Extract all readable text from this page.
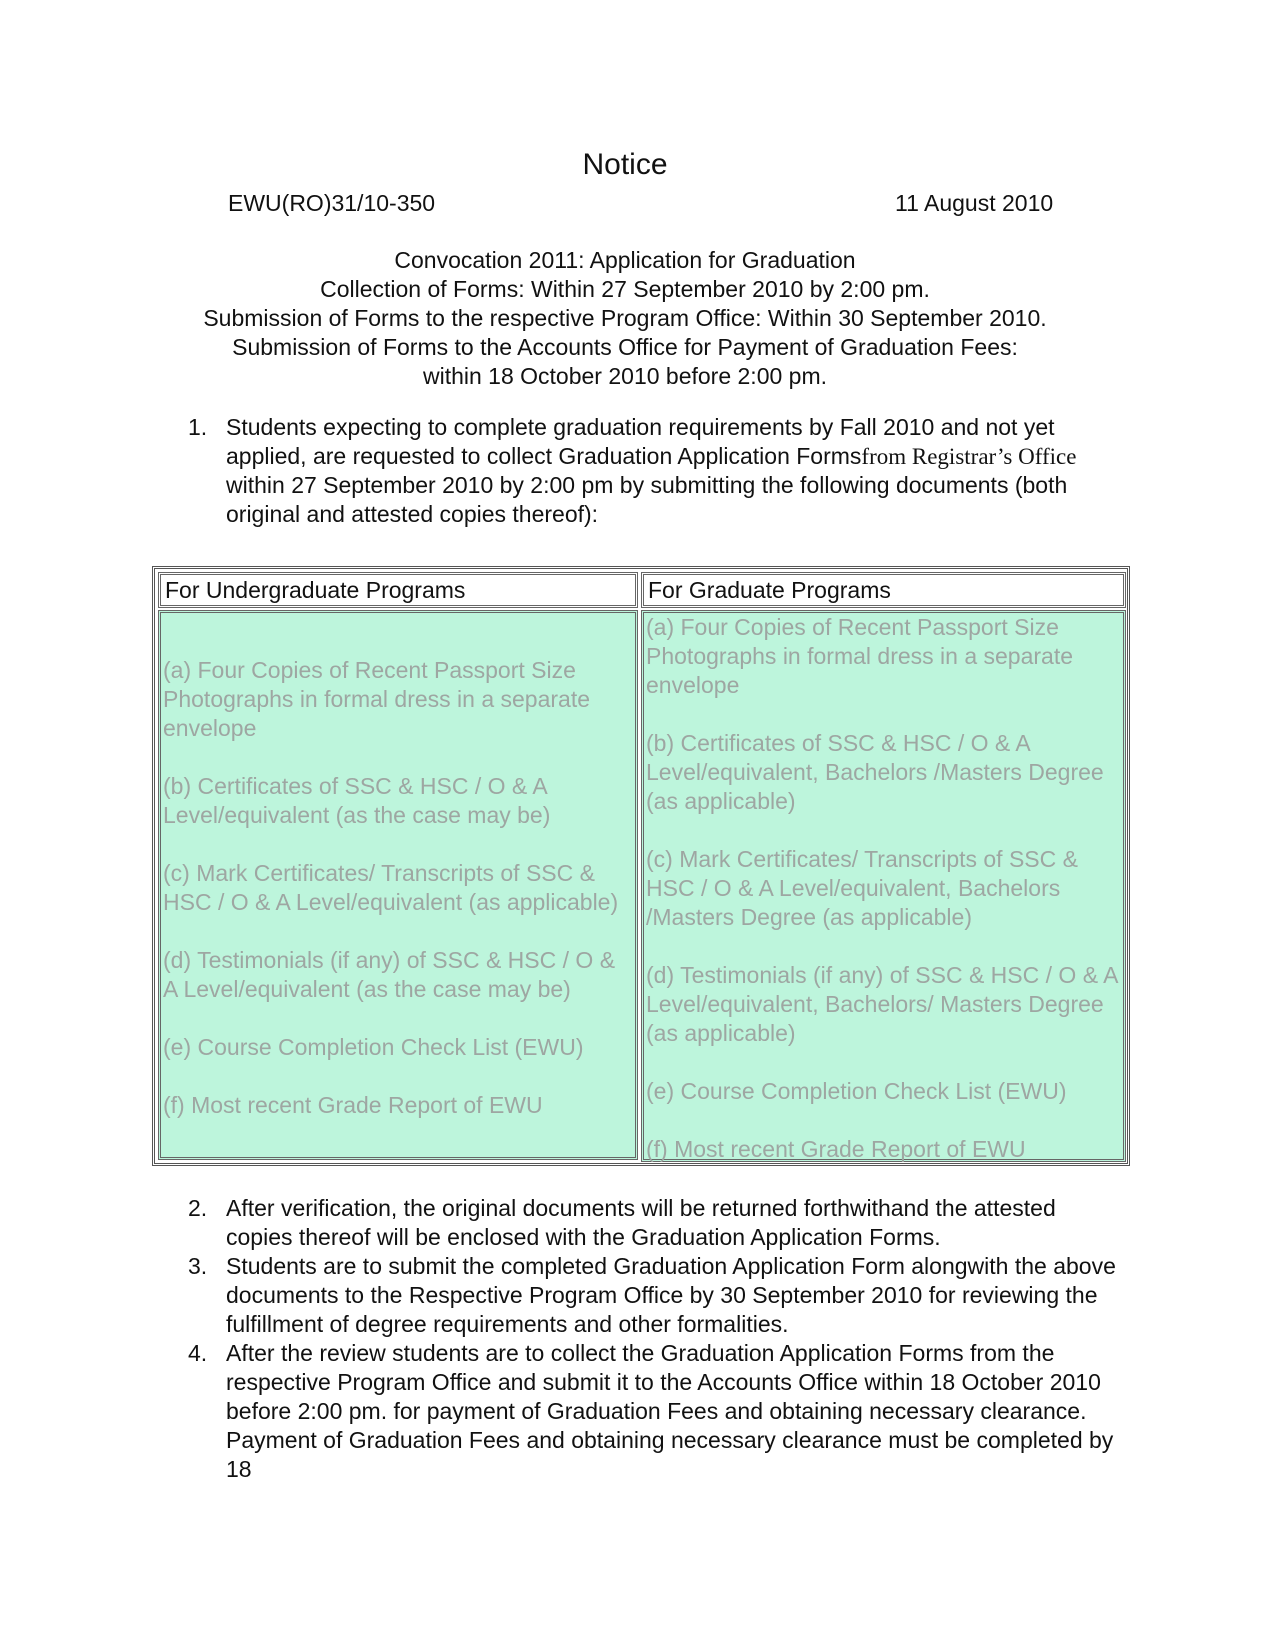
Notice
EWU(RO)31/10-350	11 August 2010
Convocation 2011: Application for Graduation
Collection of Forms: Within 27 September 2010 by 2:00 pm.
Submission of Forms to the respective Program Office: Within 30 September 2010.
Submission of Forms to the Accounts Office for Payment of Graduation Fees:
within 18 October 2010 before 2:00 pm.
1. Students expecting to complete graduation requirements by Fall 2010 and not yet applied, are requested to collect Graduation Application Formsfrom Registrar’s Office within 27 September 2010 by 2:00 pm by submitting the following documents (both original and attested copies thereof):
For Undergraduate Programs	For Graduate Programs

(a) Four Copies of Recent Passport Size Photographs in formal dress in a separate envelope

(b) Certificates of SSC & HSC / O & A Level/equivalent (as the case may be)

(c) Mark Certificates/ Transcripts of SSC & HSC / O & A Level/equivalent (as applicable)

(d) Testimonials (if any) of SSC & HSC / O & A Level/equivalent (as the case may be)

(e) Course Completion Check List (EWU)

(f) Most recent Grade Report of EWU

(a) Four Copies of Recent Passport Size Photographs in formal dress in a separate envelope

(b) Certificates of SSC & HSC / O & A Level/equivalent, Bachelors /Masters Degree (as applicable)

(c) Mark Certificates/ Transcripts of SSC & HSC / O & A Level/equivalent, Bachelors /Masters Degree (as applicable)

(d) Testimonials (if any) of SSC & HSC / O & A Level/equivalent, Bachelors/ Masters Degree (as applicable)

(e) Course Completion Check List (EWU)

(f) Most recent Grade Report of EWU

2. After verification, the original documents will be returned forthwithand the attested copies thereof will be enclosed with the Graduation Application Forms.
3. Students are to submit the completed Graduation Application Form alongwith the above documents to the Respective Program Office by 30 September 2010 for reviewing the fulfillment of degree requirements and other formalities.
4. After the review students are to collect the Graduation Application Forms from the respective Program Office and submit it to the Accounts Office within 18 October 2010 before 2:00 pm. for payment of Graduation Fees and obtaining necessary clearance. Payment of Graduation Fees and obtaining necessary clearance must be completed by 18
